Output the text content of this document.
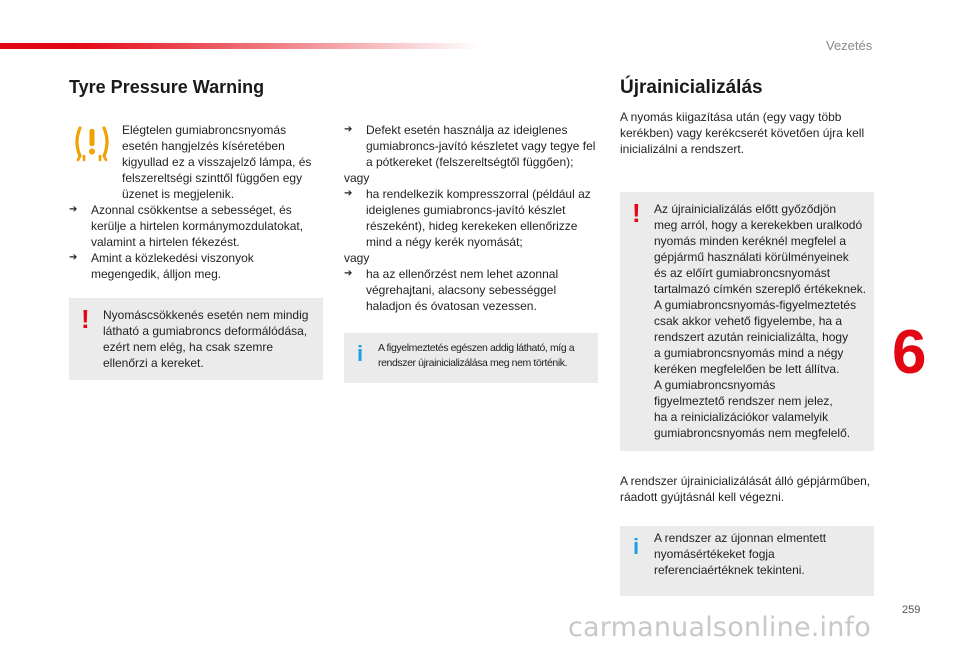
Vezetés
Tyre Pressure Warning
Elégtelen gumiabroncsnyomás esetén hangjelzés kíséretében kigyullad ez a visszajelző lámpa, és felszereltségi szinttől függően egy üzenet is megjelenik.
➔ Azonnal csökkentse a sebességet, és kerülje a hirtelen kormánymozdulatokat, valamint a hirtelen fékezést.
➔ Amint a közlekedési viszonyok megengedik, álljon meg.
! Nyomáscsökkenés esetén nem mindig látható a gumiabroncs deformálódása, ezért nem elég, ha csak szemre ellenőrzi a kereket.
➔ Defekt esetén használja az ideiglenes gumiabroncs-javító készletet vagy tegye fel a pótkereket (felszereltségtől függően);
vagy
➔ ha rendelkezik kompresszorral (például az ideiglenes gumiabroncs-javító készlet részeként), hideg kerekeken ellenőrizze mind a négy kerék nyomását;
vagy
➔ ha az ellenőrzést nem lehet azonnal végrehajtani, alacsony sebességgel haladjon és óvatosan vezessen.
i A figyelmeztetés egészen addig látható, míg a rendszer újrainicializálása meg nem történik.
Újrainicializálás
A nyomás kiigazítása után (egy vagy több kerékben) vagy kerékcserét követően újra kell inicializálni a rendszert.
! Az újrainicializálás előtt győződjön
meg arról, hogy a kerekekben uralkodó
nyomás minden keréknél megfelel a
gépjármű használati körülményeinek
és az előírt gumiabroncsnyomást
tartalmazó címkén szereplő értékeknek.
A gumiabroncsnyomás-figyelmeztetés
csak akkor vehető figyelembe, ha a
rendszert azután reinicializálta, hogy
a gumiabroncsnyomás mind a négy
keréken megfelelően be lett állítva.
A gumiabroncsnyomás
figyelmeztető rendszer nem jelez,
ha a reinicializációkor valamelyik
gumiabroncsnyomás nem megfelelő.
A rendszer újrainicializálását álló gépjárműben, ráadott gyújtásnál kell végezni.
i A rendszer az újonnan elmentett nyomásértékeket fogja referenciaértéknek tekinteni.
6
259
carmanualsonline.info
